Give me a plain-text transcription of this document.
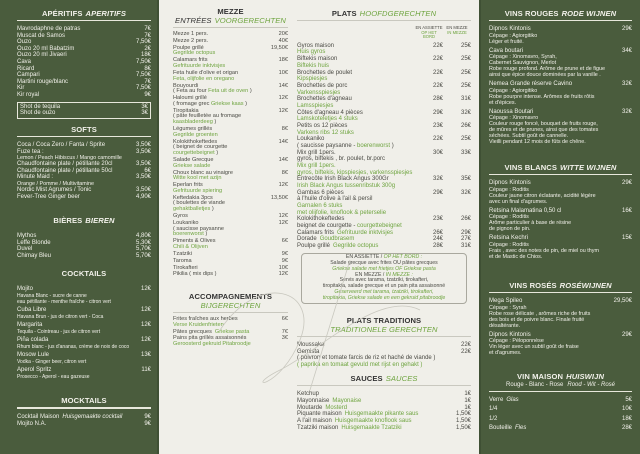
APÉRITIFS APERITIFS
Mavrodaphne de patras	7€
Muscat de Samos	7€
Ouzo	7,50€
Ouzo 20 ml Babatzim	2€
Ouzo 20 ml Jivaeri	18€
Cava	7,50€
Ricard	8€
Campari	7,50€
Martini rouge/blanc	7€
Kir	7,50€
Kir royal	9€
Shot de tequila	3€
Shot de ouzo	3€
SOFTS
Coca / Coca Zero / Fanta / Sprite	3,50€
Fuze tea :	3,50€
Lemon / Peach Hibiscus / Mango camomille
Chaudfontaine plate / pétillante 20cl	3,50€
Chaudfontaine plate / pétillante 50cl	6€
Minute Maid :	3,50€
Orange / Pomme / Multivitamine
Nordic Mist Agrumes / Tonic	3,50€
Fever-Tree Ginger beer	4,90€
BIÈRES BIEREN
Mythos	4,80€
Leffe Blonde	5,30€
Duvel	5,70€
Chimay Bleu	5,70€
COCKTAILS
Mojito	12€
Havana Blanc - sucre de canne
eau pétillante - menthe fraîche - citron vert
Cuba Libre	12€
Havana Brun - jus de citron vert - Coca
Margarita	12€
Tequila - Cointreau - jus de citron vert
Piña colada	12€
Rhum blanc - jus d'ananas, crème de noix de coco
Mosow Lule	13€
Vodka - Ginger beer, citron vert
Aperol Spritz	11€
Prosecco - Aperol - eau gazeuse
MOCKTAILS
Cocktail Maison Huisgemaakte cocktail	9€
Mojito N.A.	9€
MEZZE
ENTRÉES VOORGERECHTEN
Mezze 1 pers.	20€
Mezze 2 pers.	40€
Poulpe grillé	19,50€
Gegrilde octopus
Calamars frits	18€
Gefrituurde inktvisjes
Feta huile d'olive et origan	10€
Feta, olijfolie en oregano
Bouyourdi	14€
( Feta au four Feta uit de oven )
Haloumi grillé	12€
( fromage grec Griekse kaas )
Tiropitakia	12€
( pâte feuilletée au fromage
kaasbladerdeeg )
Légumes grillés	8€
Gegrilde groenten
Kolokithokeftedes	14€
( beignet de courgette
courgettebeignet )
Salade Grecque	14€
Griekse salade
Choux blanc au vinaigre	8€
Witte kool met azijn
Eperlan frits	12€
Gefrituurde spiering
Keftedakia 3pcs	13,50€
( boulettes de viande
gehaktballetjes )
Gyros	12€
Loukaniko	12€
( saucisse paysanne
boerenworst )
Piments & Olives	6€
Chili & Olijven
Tzatziki	9€
Taroma	9€
Tirokafteri	10€
Pikilia ( mix dips )	12€
ACCOMPAGNEMENTS
BIJGERECHTEN
Frites fraîches aux herbes	6€
Verse Kruidenfrieten
Pâtes grecques Griekse pasta	7€
Pains pita grillés assaisonnés	3€
Geroosterd gekruid Pitabroodje
PLATS HOOFDGERECHTEN
EN ASSIETTE
OP HET BORD
EN MEZZE
IN MEZZE
Gyros maison	22€	25€
Huis gyros
Biftekis maison	22€	25€
Biftekis huis
Brochettes de poulet	22€	25€
Kipspiesjes
Brochettes de porc	22€	25€
Varkensspiesjes
Brochettes d'agneau	28€	31€
Lamsspiesjes
Côtes d'agneau 4 pièces	29€	32€
Lamskoteletjes 4 stuks
Petits os 12 pièces	23€	26€
Varkens ribs 12 stuks
Loukaniko	22€	25€
( saucisse paysanne - boerenworst )
Mix grill 1pers.	30€	33€
gyros, biftekis , br. poulet, br.porc
Mix grill 1pers.
gyros, biftekis, kipspiesjes, varkensspiesjes
Entrecôte Irish Black Angus 300Gr	32€	35€
Irish Black Angus tussenribstuk 300g
Gambas 6 pièces	29€	32€
à l'huile d'olive à l'ail & persil
Garnalen 6 stuks
met olijfolie, knoflook & peterselie
Kolokithokeftedes	23€	26€
beignet de courgette - courgettebeignet
Calamars frits Gefrituurde inktvisjes	26€	29€
Dorade Goudbrasem	24€	27€
Poulpe grillé Gegrilde octopus	28€	31€
EN ASSIETTE / OP HET BORD :
Salade grecque avec frites OU pâtes grecques
Griekse salade met frietjes OF Griekse pasta
EN MEZZE / IN MEZZE :
Servis avec tarama, tzatziki, tirokafteri,
tiropitakia, salade grecque et un pain pita assaisonné
Geserveerd met tarama, tzatziki, tirokafteri,
tiropitakia, Griekse salade en een gekruid pitabroodje
PLATS TRADITIONS
TRADITIONELE GERECHTEN
Moussaka	22€
Gemista	22€
( poivron et tomate farcis de riz et haché de viande )
( paprika en tomaat gevuld met rijst en gehakt )
SAUCES SAUCES
Ketchup	1€
Mayonnaise Mayonaise	1€
Moutarde Mosterd	1€
Piquante maison Huisgemaakte pikante saus	1,50€
A l'ail maison Huisgemaakte knoflook saus	1,50€
Tzatziki maison Huisgemaakte Tzatziki	1,50€
VINS ROUGES RODE WIJNEN
Dipnos Kintonis	29€
Cépage : Agiorgitiko
Léger et fruité.
Cava boutari	34€
Cépage : Xinomavro, Syrah,
Cabernet Sauvignon, Merlot
Robe rouge profond. Arôme de prune et de figue
ainsi que épice douce dominées par la vanille .
Nemea Grande réserve Cavino	32€
Cépage : Agiorgitiko
Robe pourpre intense. Arômes de fruits rôtis
et d'épices.
Naoussa Boutari	32€
Cépage : Xinomavro
Couleur rouge foncé, bouquet de fruits rouge,
de mûres et de prunes, ainsi que des tomates
séchées. Subtil goût de cannelle.
Vieilli pendant 12 mois de fûts de chêne.
VINS BLANCS WITTE WIJNEN
Dipnos Kintonis	29€
Cépage : Roditis
Couleur jaune citron éclatante, acidité légère
avec un final d'agrumes.
Retsina Malamatina 0,50 cl	16€
Cépage : Roditis
Arôme particulier à base de résine
de pignon de pin.
Retsina Kechri	15€
Cépage : Roditis
Frais , avec des notes de pin, de miel ou thym
et de Mastic de Chios.
VINS ROSÉS ROSÉWIJNEN
Mega Spileo	29,50€
Cépage : Syrah
Robe rose délicate , arômes riche de fruits
des bois et de poivre blanc. Finale fruité
désaltérante.
Dipnos Kintonis	29€
Cépage : Péloponnèse
Vin léger avec un subtil goût de fraise
et d'agrumes.
VIN MAISON HUISWIJN
Rouge - Blanc - Rose Rood - Wit - Rosé
Verre Glas	5€
1/4	10€
1/2	18€
Bouteille Fles	28€
